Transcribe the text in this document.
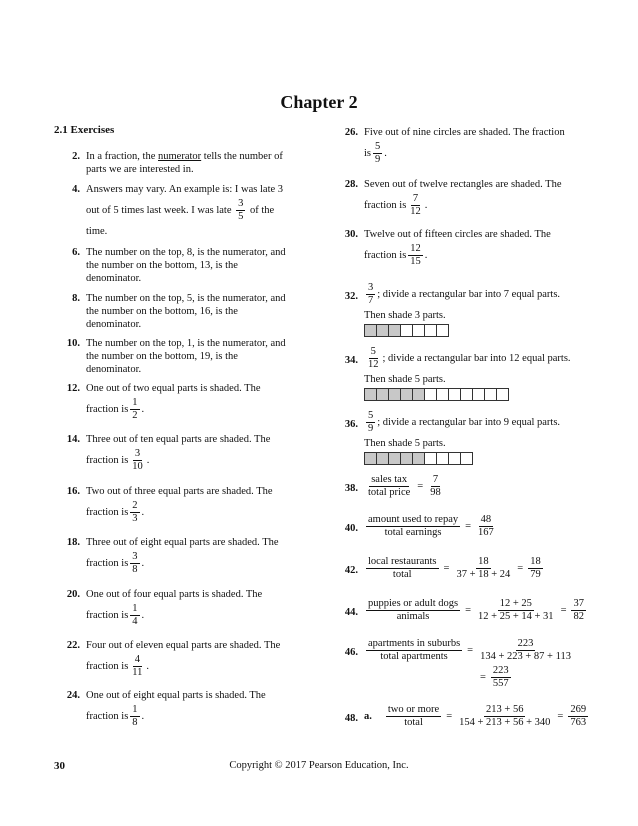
Chapter 2
2.1 Exercises
2. In a fraction, the numerator tells the number of
parts we are interested in.
4. Answers may vary. An example is: I was late 3
out of 5 times last week. I was late $\frac{3}{5}$ of the
time.
6. The number on the top, 8, is the numerator, and
the number on the bottom, 13, is the
denominator.
8. The number on the top, 5, is the numerator, and
the number on the bottom, 16, is the
denominator.
10. The number on the top, 1, is the numerator, and
the number on the bottom, 19, is the
denominator.
12. One out of two equal parts is shaded. The
fraction is $\frac{1}{2}$ .
14. Three out of ten equal parts are shaded. The
fraction is $\frac{3}{10}$ .
16. Two out of three equal parts are shaded. The
fraction is $\frac{2}{3}$ .
18. Three out of eight equal parts are shaded. The
fraction is $\frac{3}{8}$ .
20. One out of four equal parts is shaded. The
fraction is $\frac{1}{4}$ .
22. Four out of eleven equal parts are shaded. The
fraction is $\frac{4}{11}$ .
24. One out of eight equal parts is shaded. The
fraction is $\frac{1}{8}$ .
26. Five out of nine circles are shaded. The fraction
is $\frac{5}{9}$ .
28. Seven out of twelve rectangles are shaded. The
fraction is $\frac{7}{12}$ .
30. Twelve out of fifteen circles are shaded. The
fraction is $\frac{12}{15}$ .
32. $\frac{3}{7}$ ; divide a rectangular bar into 7 equal parts.
Then shade 3 parts.
34. $\frac{5}{12}$ ; divide a rectangular bar into 12 equal parts.
Then shade 5 parts.
36. $\frac{5}{9}$ ; divide a rectangular bar into 9 equal parts.
Then shade 5 parts.
38. $\frac{\text{sales tax}}{\text{total price}} = \frac{7}{98}$
40. $\frac{\text{amount used to repay}}{\text{total earnings}} = \frac{48}{167}$
42. $\frac{\text{local restaurants}}{\text{total}} = \frac{18}{37 + 18 + 24} = \frac{18}{79}$
44. $\frac{\text{puppies or adult dogs}}{\text{animals}} = \frac{12 + 25}{12 + 25 + 14 + 31} = \frac{37}{82}$
46. $\frac{\text{apartments in suburbs}}{\text{total apartments}} = \frac{223}{134 + 223 + 87 + 113}$
= $\frac{223}{557}$
48. a. $\frac{\text{two or more}}{\text{total}} = \frac{213 + 56}{154 + 213 + 56 + 340} = \frac{269}{763}$
30	Copyright © 2017 Pearson Education, Inc.
